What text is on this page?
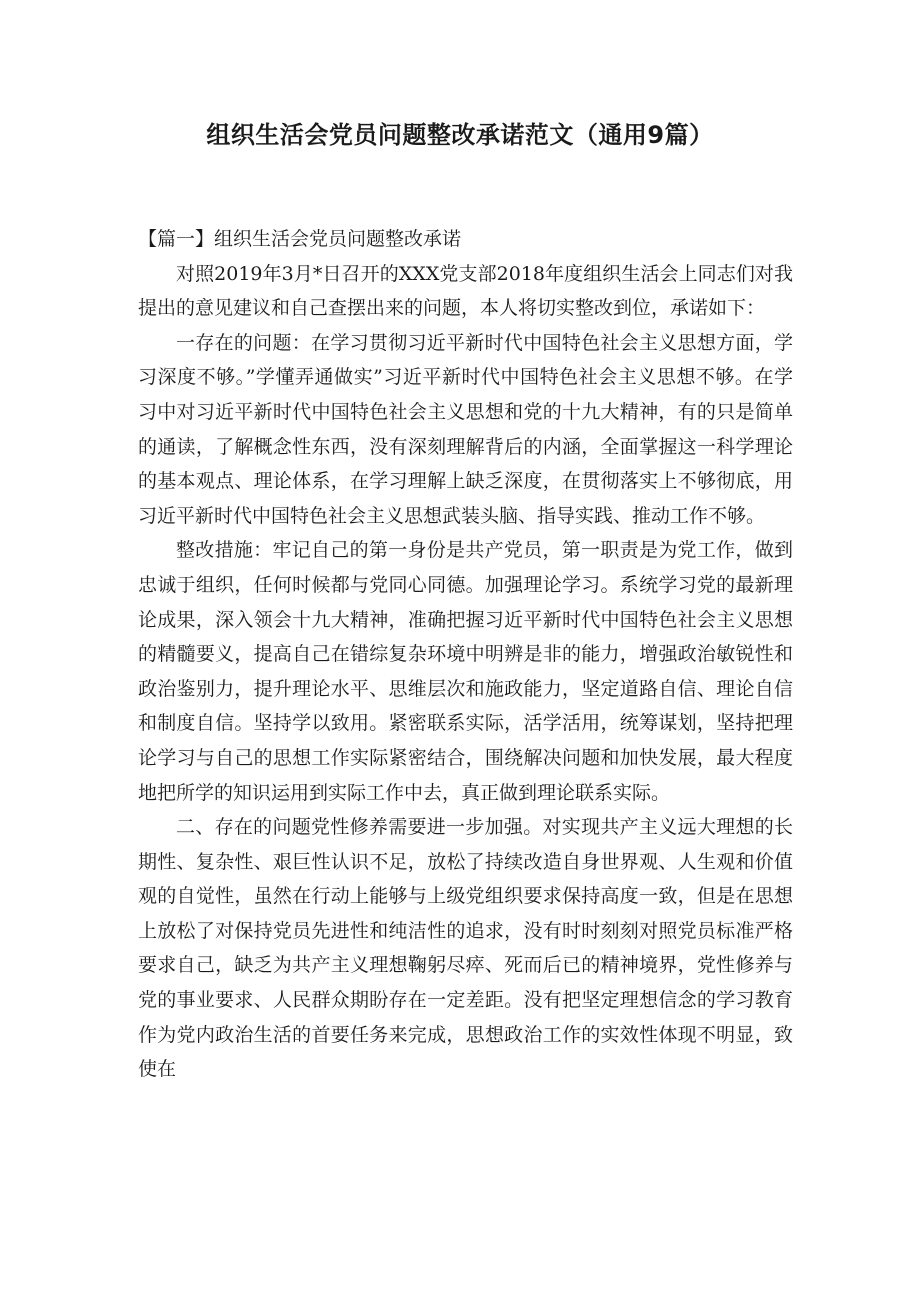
组织生活会党员问题整改承诺范文（通用9篇）

【篇一】组织生活会党员问题整改承诺

对照2019年3月*日召开的XXX党支部2018年度组织生活会上同志们对我提出的意见建议和自己查摆出来的问题，本人将切实整改到位，承诺如下：

一存在的问题：在学习贯彻习近平新时代中国特色社会主义思想方面，学习深度不够。”学懂弄通做实”习近平新时代中国特色社会主义思想不够。在学习中对习近平新时代中国特色社会主义思想和党的十九大精神，有的只是简单的通读，了解概念性东西，没有深刻理解背后的内涵，全面掌握这一科学理论的基本观点、理论体系，在学习理解上缺乏深度，在贯彻落实上不够彻底，用习近平新时代中国特色社会主义思想武装头脑、指导实践、推动工作不够。

整改措施：牢记自己的第一身份是共产党员，第一职责是为党工作，做到忠诚于组织，任何时候都与党同心同德。加强理论学习。系统学习党的最新理论成果，深入领会十九大精神，准确把握习近平新时代中国特色社会主义思想的精髓要义，提高自己在错综复杂环境中明辨是非的能力，增强政治敏锐性和政治鉴别力，提升理论水平、思维层次和施政能力，坚定道路自信、理论自信和制度自信。坚持学以致用。紧密联系实际，活学活用，统筹谋划，坚持把理论学习与自己的思想工作实际紧密结合，围绕解决问题和加快发展，最大程度地把所学的知识运用到实际工作中去，真正做到理论联系实际。

二、存在的问题党性修养需要进一步加强。对实现共产主义远大理想的长期性、复杂性、艰巨性认识不足，放松了持续改造自身世界观、人生观和价值观的自觉性，虽然在行动上能够与上级党组织要求保持高度一致，但是在思想上放松了对保持党员先进性和纯洁性的追求，没有时时刻刻对照党员标准严格要求自己，缺乏为共产主义理想鞠躬尽瘁、死而后已的精神境界，党性修养与党的事业要求、人民群众期盼存在一定差距。没有把坚定理想信念的学习教育作为党内政治生活的首要任务来完成，思想政治工作的实效性体现不明显，致使在
